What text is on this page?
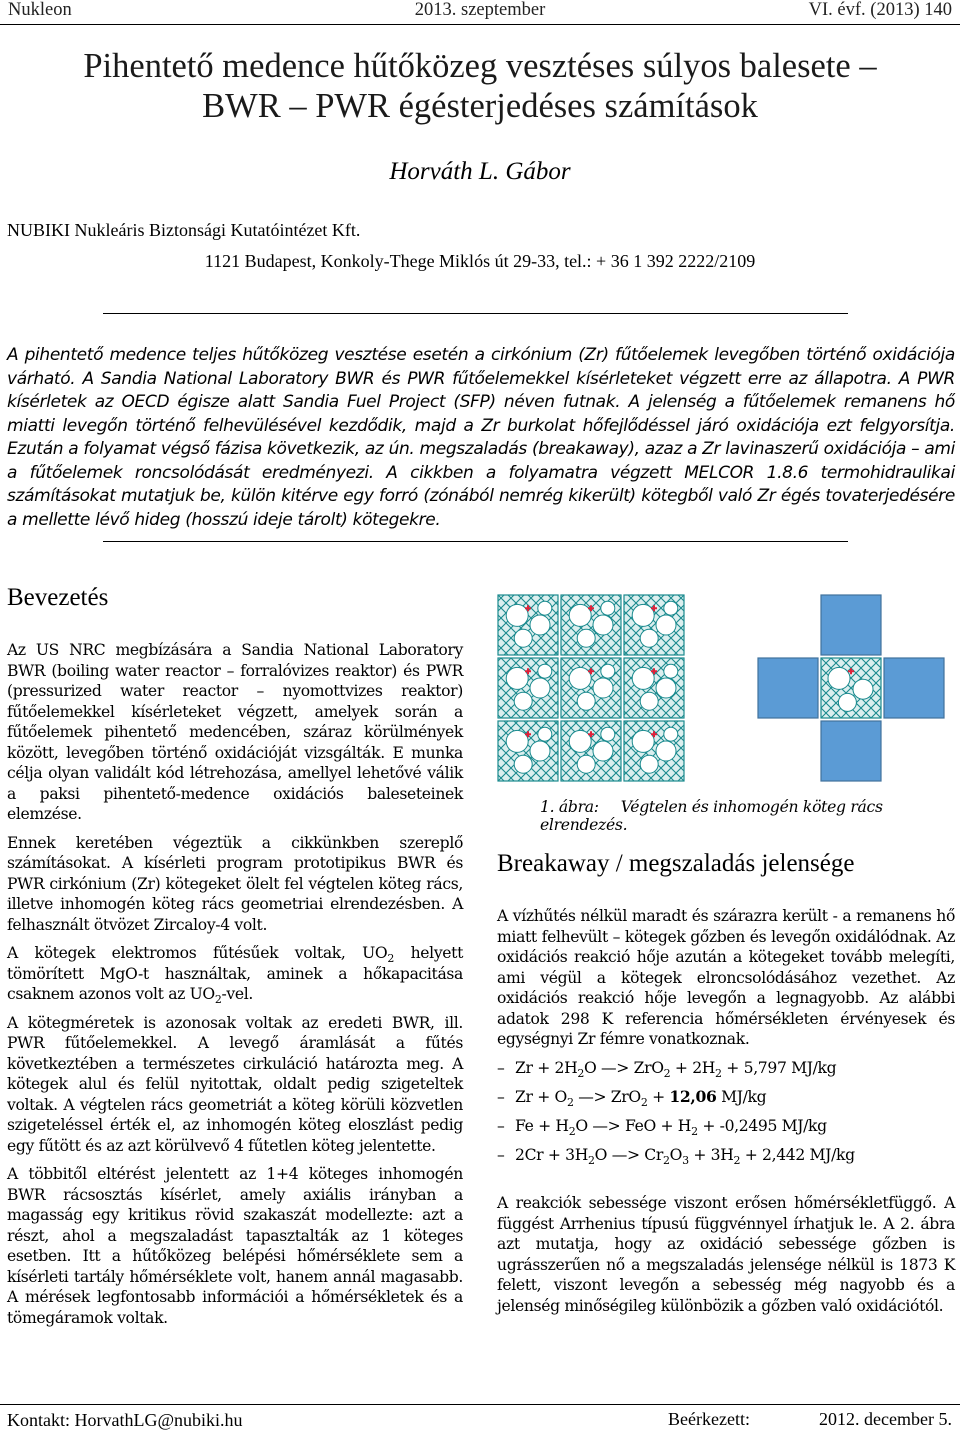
Nukleon	2013. szeptember	VI. évf. (2013) 140
Pihentető medence hűtőközeg vesztéses súlyos balesete –
BWR – PWR égésterjedéses számítások
Horváth L. Gábor
NUBIKI Nukleáris Biztonsági Kutatóintézet Kft.
1121 Budapest, Konkoly-Thege Miklós út 29-33, tel.: + 36 1 392 2222/2109

A pihentető medence teljes hűtőközeg vesztése esetén a cirkónium (Zr) fűtőelemek levegőben történő oxidációja várható. A Sandia National Laboratory BWR és PWR fűtőelemekkel kísérleteket végzett erre az állapotra. A PWR kísérletek az OECD égisze alatt Sandia Fuel Project (SFP) néven futnak. A jelenség a fűtőelemek remanens hő miatti levegőn történő felhevülésével kezdődik, majd a Zr burkolat hőfejlődéssel járó oxidációja ezt felgyorsítja. Ezután a folyamat végső fázisa következik, az ún. megszaladás (breakaway), azaz a Zr lavinaszerű oxidációja – ami a fűtőelemek roncsolódását eredményezi. A cikkben a folyamatra végzett MELCOR 1.8.6 termohidraulikai számításokat mutatjuk be, külön kitérve egy forró (zónából nemrég kikerült) kötegből való Zr égés tovaterjedésére a mellette lévő hideg (hosszú ideje tárolt) kötegekre.

Bevezetés

Az US NRC megbízására a Sandia National Laboratory BWR (boiling water reactor – forralóvizes reaktor) és PWR (pressurized water reactor – nyomottvizes reaktor) fűtőelemekkel kísérleteket végzett, amelyek során a fűtőelemek pihentető medencében, száraz körülmények között, levegőben történő oxidációját vizsgálták. E munka célja olyan validált kód létrehozása, amellyel lehetővé válik a paksi pihentető-medence oxidációs baleseteinek elemzése.

Ennek keretében végeztük a cikkünkben szereplő számításokat. A kísérleti program prototipikus BWR és PWR cirkónium (Zr) kötegeket ölelt fel végtelen köteg rács, illetve inhomogén köteg rács geometriai elrendezésben. A felhasznált ötvözet Zircaloy-4 volt.

A kötegek elektromos fűtésűek voltak, $UO_2$ helyett tömörített MgO-t használtak, aminek a hőkapacitása csaknem azonos volt az $UO_2$-vel.

A kötegméretek is azonosak voltak az eredeti BWR, ill. PWR fűtőelemekkel. A levegő áramlását a fűtés következtében a természetes cirkuláció határozta meg. A kötegek alul és felül nyitottak, oldalt pedig szigeteltek voltak. A végtelen rács geometriát a köteg körüli közvetlen szigeteléssel érték el, az inhomogén köteg eloszlást pedig egy fűtött és az azt körülvevő 4 fűtetlen köteg jelentette.

A többitől eltérést jelentett az 1+4 köteges inhomogén BWR rácsosztás kísérlet, amely axiális irányban a magasság egy kritikus rövid szakaszát modellezte: azt a részt, ahol a megszaladást tapasztalták az 1 köteges esetben. Itt a hűtőközeg belépési hőmérséklete sem a kísérleti tartály hőmérséklete volt, hanem annál magasabb. A mérések legfontosabb információi a hőmérsékletek és a tömegáramok voltak.

1. ábra: Végtelen és inhomogén köteg rács elrendezés.
Breakaway / megszaladás jelensége

A vízhűtés nélkül maradt és szárazra került - a remanens hő miatt felhevült – kötegek gőzben és levegőn oxidálódnak. Az oxidációs reakció hője azután a kötegeket tovább melegíti, ami végül a kötegek elroncsolódásához vezethet. Az oxidációs reakció hője levegőn a legnagyobb. Az alábbi adatok 298 K referencia hőmérsékleten érvényesek és egységnyi Zr fémre vonatkoznak.

– $Zr + 2H_2O$ —> $ZrO_2 + 2H_2 + 5,797$ MJ/kg
– $Zr + O_2$ —> ZrO$_2$ + 12,06 MJ/kg
– $Fe + H_2O$ —> FeO + $H_2 + -0,2495$ MJ/kg
– $2Cr + 3H_2O$ —> $Cr_2O_3 + 3H_2 + 2,442$ MJ/kg

A reakciók sebessége viszont erősen hőmérsékletfüggő. A függést Arrhenius típusú függvénnyel írhatjuk le. A 2. ábra azt mutatja, hogy az oxidáció sebessége gőzben is ugrásszerűen nő a megszaladás jelensége nélkül is 1873 K felett, viszont levegőn a sebesség még nagyobb és a jelenség minőségileg különbözik a gőzben való oxidációtól.

Kontakt: HorvathLG@nubiki.hu	Beérkezett:	2012. december 5.
